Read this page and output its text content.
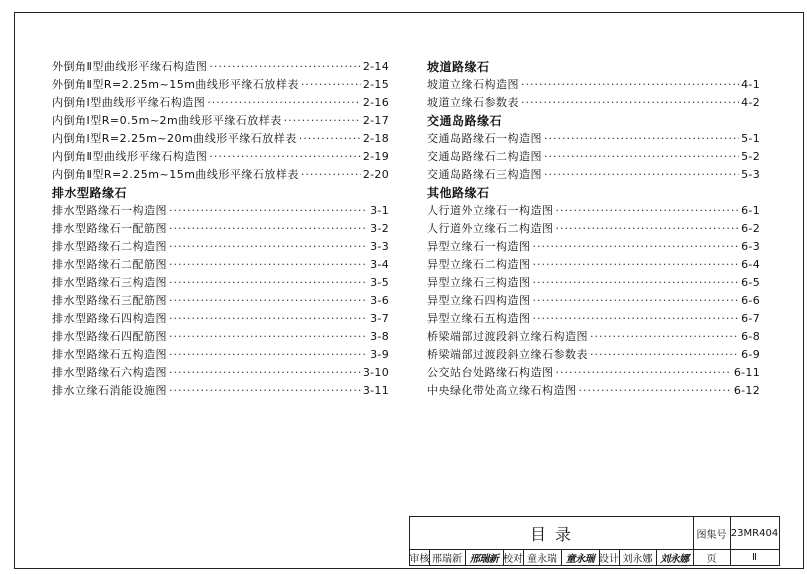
外倒角Ⅱ型曲线形平缘石构造图 ·····	2-14
外倒角Ⅱ型R=2.25m~15m曲线形平缘石放样表 ·····	2-15
内倒角Ⅰ型曲线形平缘石构造图 ·····	2-16
内倒角Ⅰ型R=0.5m~2m曲线形平缘石放样表 ·····	2-17
内倒角Ⅰ型R=2.25m~20m曲线形平缘石放样表 ·····	2-18
内倒角Ⅱ型曲线形平缘石构造图 ·····	2-19
内倒角Ⅱ型R=2.25m~15m曲线形平缘石放样表 ·····	2-20
排水型路缘石
排水型路缘石一构造图 ·····	3-1
排水型路缘石一配筋图 ·····	3-2
排水型路缘石二构造图 ·····	3-3
排水型路缘石二配筋图 ·····	3-4
排水型路缘石三构造图 ·····	3-5
排水型路缘石三配筋图 ·····	3-6
排水型路缘石四构造图 ·····	3-7
排水型路缘石四配筋图 ·····	3-8
排水型路缘石五构造图 ·····	3-9
排水型路缘石六构造图 ·····	3-10
排水立缘石消能设施图 ·····	3-11
坡道路缘石
坡道立缘石构造图 ·····	4-1
坡道立缘石参数表 ·····	4-2
交通岛路缘石
交通岛路缘石一构造图 ·····	5-1
交通岛路缘石二构造图 ·····	5-2
交通岛路缘石三构造图 ·····	5-3
其他路缘石
人行道外立缘石一构造图 ·····	6-1
人行道外立缘石二构造图 ·····	6-2
异型立缘石一构造图 ·····	6-3
异型立缘石二构造图 ·····	6-4
异型立缘石三构造图 ·····	6-5
异型立缘石四构造图 ·····	6-6
异型立缘石五构造图 ·····	6-7
桥梁端部过渡段斜立缘石构造图 ·····	6-8
桥梁端部过渡段斜立缘石参数表 ·····	6-9
公交站台处路缘石构造图 ·····	6-11
中央绿化带处高立缘石构造图 ·····	6-12
目 录	图集号 23MR404
审核 邢瑞新 邢瑞新 校对 童永瑞 童永瑞 设计 刘永娜 刘永娜	页	Ⅱ
